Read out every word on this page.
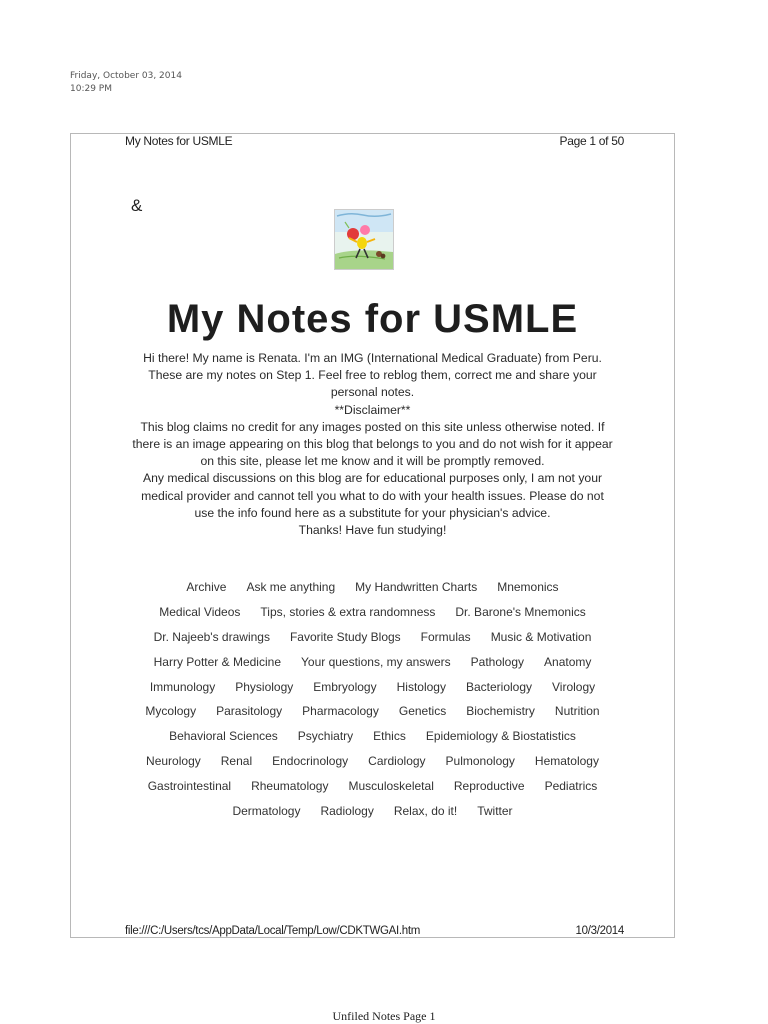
Friday, October 03, 2014
10:29 PM
My Notes for USMLE	Page 1 of 50
&
My Notes for USMLE
Hi there! My name is Renata. I'm an IMG (International Medical Graduate) from Peru.
These are my notes on Step 1. Feel free to reblog them, correct me and share your
personal notes.
**Disclaimer**
This blog claims no credit for any images posted on this site unless otherwise noted. If
there is an image appearing on this blog that belongs to you and do not wish for it appear
on this site, please let me know and it will be promptly removed.
Any medical discussions on this blog are for educational purposes only, I am not your
medical provider and cannot tell you what to do with your health issues. Please do not
use the info found here as a substitute for your physician's advice.
Thanks! Have fun studying!
Archive Ask me anything My Handwritten Charts Mnemonics
Medical Videos Tips, stories & extra randomness Dr. Barone's Mnemonics
Dr. Najeeb's drawings Favorite Study Blogs Formulas Music & Motivation
Harry Potter & Medicine Your questions, my answers Pathology Anatomy
Immunology Physiology Embryology Histology Bacteriology Virology
Mycology Parasitology Pharmacology Genetics Biochemistry Nutrition
Behavioral Sciences Psychiatry Ethics Epidemiology & Biostatistics
Neurology Renal Endocrinology Cardiology Pulmonology Hematology
Gastrointestinal Rheumatology Musculoskeletal Reproductive Pediatrics
Dermatology Radiology Relax, do it! Twitter
file:///C:/Users/tcs/AppData/Local/Temp/Low/CDKTWGAI.htm	10/3/2014
Unfiled Notes Page 1
